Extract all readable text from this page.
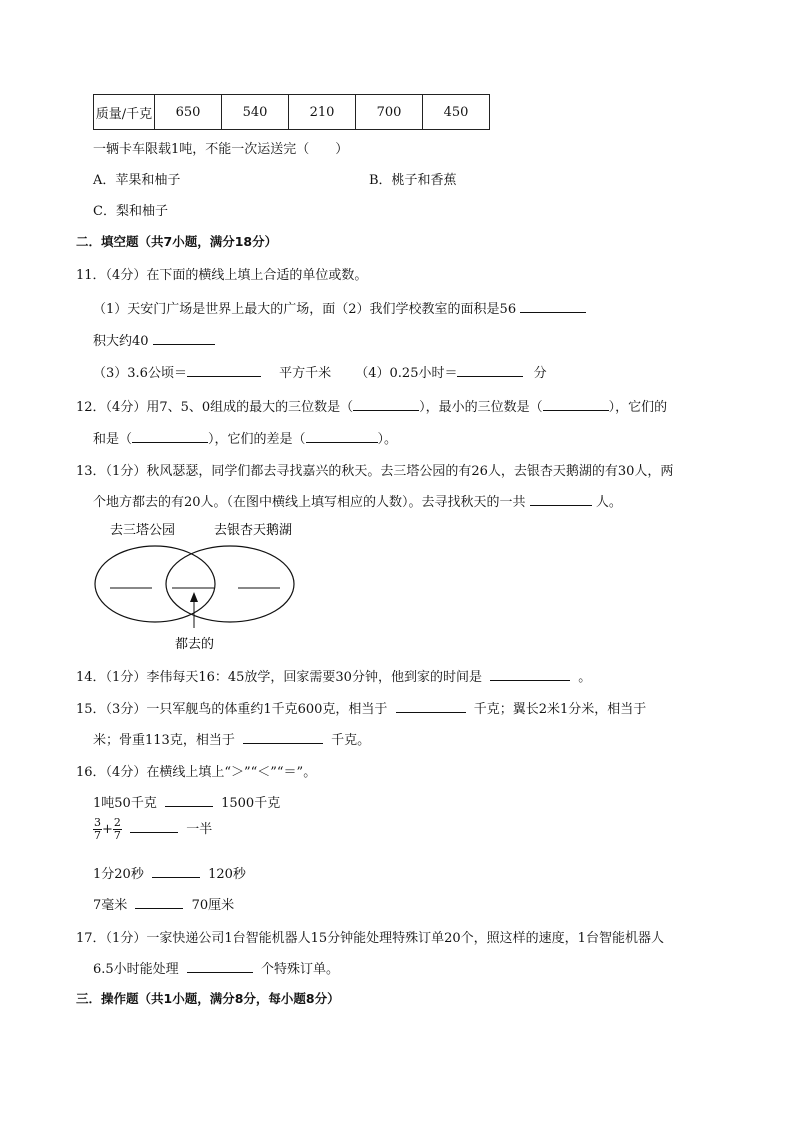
质量/千克	650	540	210	700	450
一辆卡车限载1吨，不能一次运送完（　　）
A．苹果和柚子	B．桃子和香蕉
C．梨和柚子
二．填空题（共7小题，满分18分）
11．（4分）在下面的横线上填上合适的单位或数。
（1）天安门广场是世界上最大的广场，面（2）我们学校教室的面积是56
积大约40
（3）3.6公顷＝	平方千米 （4）0.25小时＝	分
12．（4分）用7、5、0组成的最大的三位数是（	），最小的三位数是（	），它们的
和是（	），它们的差是（	）。
13．（1分）秋风瑟瑟，同学们都去寻找嘉兴的秋天。去三塔公园的有26人，去银杏天鹅湖的有30人，两
个地方都去的有20人。（在图中横线上填写相应的人数）。去寻找秋天的一共	人。
去三塔公园	去银杏天鹅湖
都去的
14．（1分）李伟每天16：45放学，回家需要30分钟，他到家的时间是	。
15．（3分）一只军舰鸟的体重约1千克600克，相当于	千克；翼长2米1分米，相当于
米；骨重113克，相当于	千克。
16．（4分）在横线上填上“＞”“＜”“＝”。
1吨50千克	1500千克
$\frac{3}{7} + \frac{2}{7}$	一半
1分20秒	120秒
7毫米	70厘米
17．（1分）一家快递公司1台智能机器人15分钟能处理特殊订单20个，照这样的速度，1台智能机器人
6.5小时能处理	个特殊订单。
三．操作题（共1小题，满分8分，每小题8分）
